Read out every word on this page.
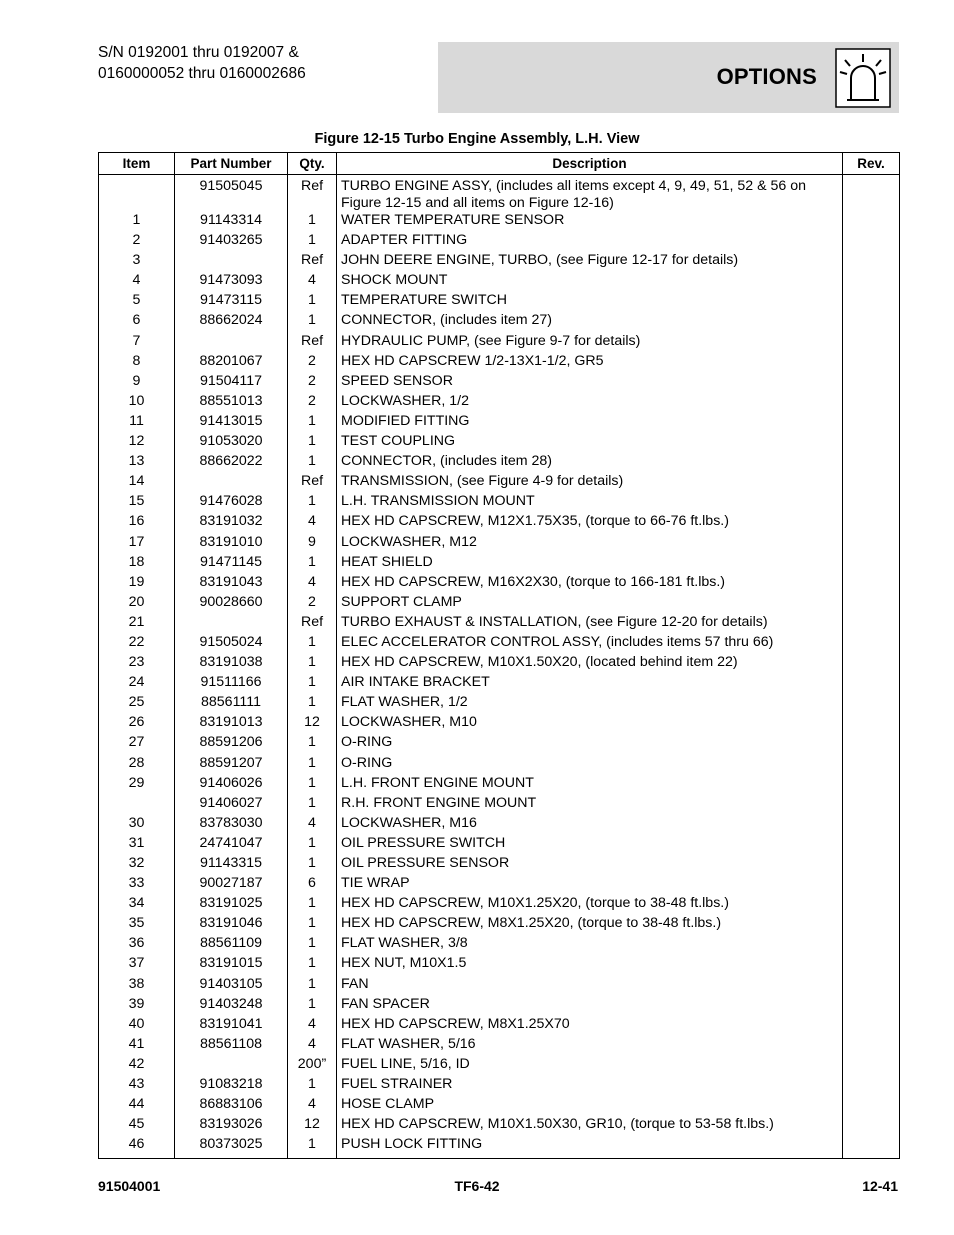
S/N 0192001 thru 0192007 &
0160000052 thru 0160002686	OPTIONS
Figure 12-15 Turbo Engine Assembly, L.H. View
Item	Part Number	Qty.	Description	Rev.
	91505045	Ref	TURBO ENGINE ASSY, (includes all items except 4, 9, 49, 51, 52 & 56 on
Figure 12-15 and all items on Figure 12-16)	

1	91143314	1	WATER TEMPERATURE SENSOR	

2	91403265	1	ADAPTER FITTING	

3		Ref	JOHN DEERE ENGINE, TURBO, (see Figure 12-17 for details)	

4	91473093	4	SHOCK MOUNT	

5	91473115	1	TEMPERATURE SWITCH	

6	88662024	1	CONNECTOR, (includes item 27)	

7		Ref	HYDRAULIC PUMP, (see Figure 9-7 for details)	

8	88201067	2	HEX HD CAPSCREW 1/2-13X1-1/2, GR5	

9	91504117	2	SPEED SENSOR	

10	88551013	2	LOCKWASHER, 1/2	

11	91413015	1	MODIFIED FITTING	

12	91053020	1	TEST COUPLING	

13	88662022	1	CONNECTOR, (includes item 28)	

14		Ref	TRANSMISSION, (see Figure 4-9 for details)	

15	91476028	1	L.H. TRANSMISSION MOUNT	

16	83191032	4	HEX HD CAPSCREW, M12X1.75X35, (torque to 66-76 ft.lbs.)	

17	83191010	9	LOCKWASHER, M12	

18	91471145	1	HEAT SHIELD	

19	83191043	4	HEX HD CAPSCREW, M16X2X30, (torque to 166-181 ft.lbs.)	

20	90028660	2	SUPPORT CLAMP	

21		Ref	TURBO EXHAUST & INSTALLATION, (see Figure 12-20 for details)	

22	91505024	1	ELEC ACCELERATOR CONTROL ASSY, (includes items 57 thru 66)	

23	83191038	1	HEX HD CAPSCREW, M10X1.50X20, (located behind item 22)	

24	91511166	1	AIR INTAKE BRACKET	

25	88561111	1	FLAT WASHER, 1/2	

26	83191013	12	LOCKWASHER, M10	

27	88591206	1	O-RING	

28	88591207	1	O-RING	

29	91406026	1	L.H. FRONT ENGINE MOUNT	

	91406027	1	R.H. FRONT ENGINE MOUNT	

30	83783030	4	LOCKWASHER, M16	

31	24741047	1	OIL PRESSURE SWITCH	

32	91143315	1	OIL PRESSURE SENSOR	

33	90027187	6	TIE WRAP	

34	83191025	1	HEX HD CAPSCREW, M10X1.25X20, (torque to 38-48 ft.lbs.)	

35	83191046	1	HEX HD CAPSCREW, M8X1.25X20, (torque to 38-48 ft.lbs.)	

36	88561109	1	FLAT WASHER, 3/8	

37	83191015	1	HEX NUT, M10X1.5	

38	91403105	1	FAN	

39	91403248	1	FAN SPACER	

40	83191041	4	HEX HD CAPSCREW, M8X1.25X70	

41	88561108	4	FLAT WASHER, 5/16	

42		200”	FUEL LINE, 5/16, ID	

43	91083218	1	FUEL STRAINER	

44	86883106	4	HOSE CLAMP	

45	83193026	12	HEX HD CAPSCREW, M10X1.50X30, GR10, (torque to 53-58 ft.lbs.)	

46	80373025	1	PUSH LOCK FITTING	

91504001	TF6-42	12-41
